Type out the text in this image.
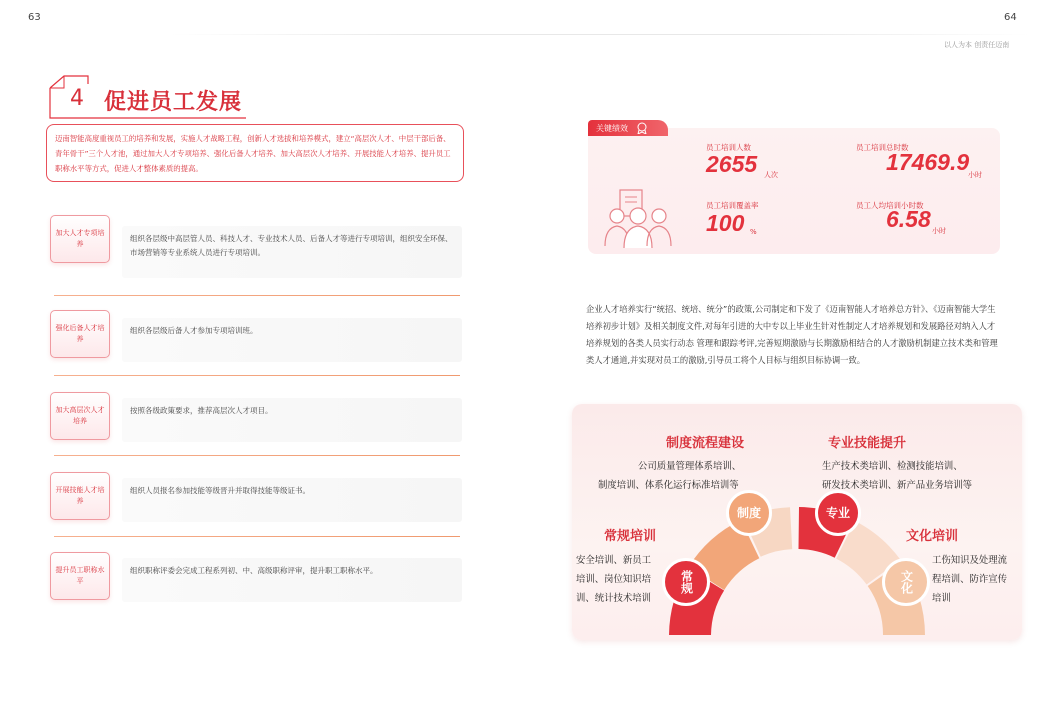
63	64
以人为本 创责任迈南
4 促进员工发展
迈南智能高度重视员工的培养和发展，实施人才战略工程，创新人才选拔和培养模式，建立“高层次人才、中层干部后备、青年骨干”三个人才池，通过加大人才专项培养、强化后备人才培养、加大高层次人才培养、开展技能人才培养、提升员工职称水平等方式，促进人才整体素质的提高。
加大人才专项培养
组织各层级中高层管人员、科技人才、专业技术人员、后备人才等进行专项培训，组织安全环保、市场营销等专业系统人员进行专项培训。
强化后备人才培养
组织各层级后备人才参加专项培训班。
加大高层次人才培养
按照各级政策要求，推荐高层次人才项目。
开展技能人才培养
组织人员报名参加技能等级晋升并取得技能等级证书。
提升员工职称水平
组织职称评委会完成工程系列初、中、高级职称评审，提升职工职称水平。
关键绩效
员工培训人数
2655 人次
员工培训总时数
17469.9
小时
员工培训覆盖率
100 %
员工人均培训小时数
6.58 小时
企业人才培养实行“统招、统培、统分”的政策,公司制定和下发了《迈南智能人才培养总方针》、《迈南智能大学生培养初步计划》及相关制度文件,对每年引进的大中专以上毕业生针对性制定人才培养规划和发展路径对纳入人才培养规划的各类人员实行动态 管理和跟踪考评,完善短期激励与长期激励相结合的人才激励机制建立技术类和管理类人才通道,并实现对员工的激励,引导员工将个人目标与组织目标协调一致。
制度	专业
常规	文化
制度流程建设
公司质量管理体系培训、
制度培训、体系化运行标准培训等
专业技能提升
生产技术类培训、检测技能培训、
研发技术类培训、新产品业务培训等
常规培训
安全培训、新员工
培训、岗位知识培
训、统计技术培训
文化培训
工伤知识及处理流
程培训、防诈宣传
培训
